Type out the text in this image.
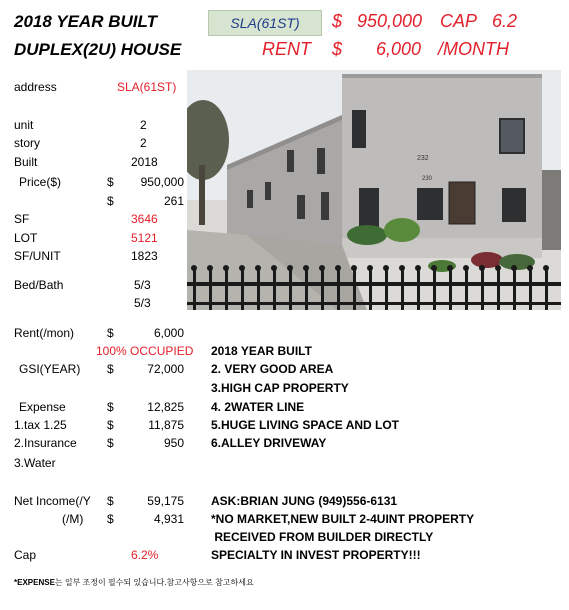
2018 YEAR BUILT
DUPLEX(2U) HOUSE
SLA(61ST)	$ 950,000 CAP 6.2
RENT $ 6,000 /MONTH
address	SLA(61ST)
unit	2
story	2
Built	2018
Price($)	$	950,000
$	261
SF	3646
LOT	5121
SF/UNIT	1823
Bed/Bath	5/3
5/3
232
230
Rent(/mon)	$	6,000
100% OCCUPIED
GSI(YEAR) $	72,000
Expense	$	12,825
1.tax 1.25	$	11,875
2.Insurance	$	950
3.Water
Net Income(/Y	$	59,175
(/M) $	4,931
Cap	6.2%
2018 YEAR BUILT
2. VERY GOOD AREA
3.HIGH CAP PROPERTY
4. 2WATER LINE
5.HUGE LIVING SPACE AND LOT
6.ALLEY DRIVEWAY
ASK:BRIAN JUNG (949)556-6131
*NO MARKET,NEW BUILT 2-4UINT PROPERTY
RECEIVED FROM BUILDER DIRECTLY
SPECIALTY IN INVEST PROPERTY!!!
*EXPENSE는 일부 조정이 필수되 있습니다.참고사항으로 참고하세요
